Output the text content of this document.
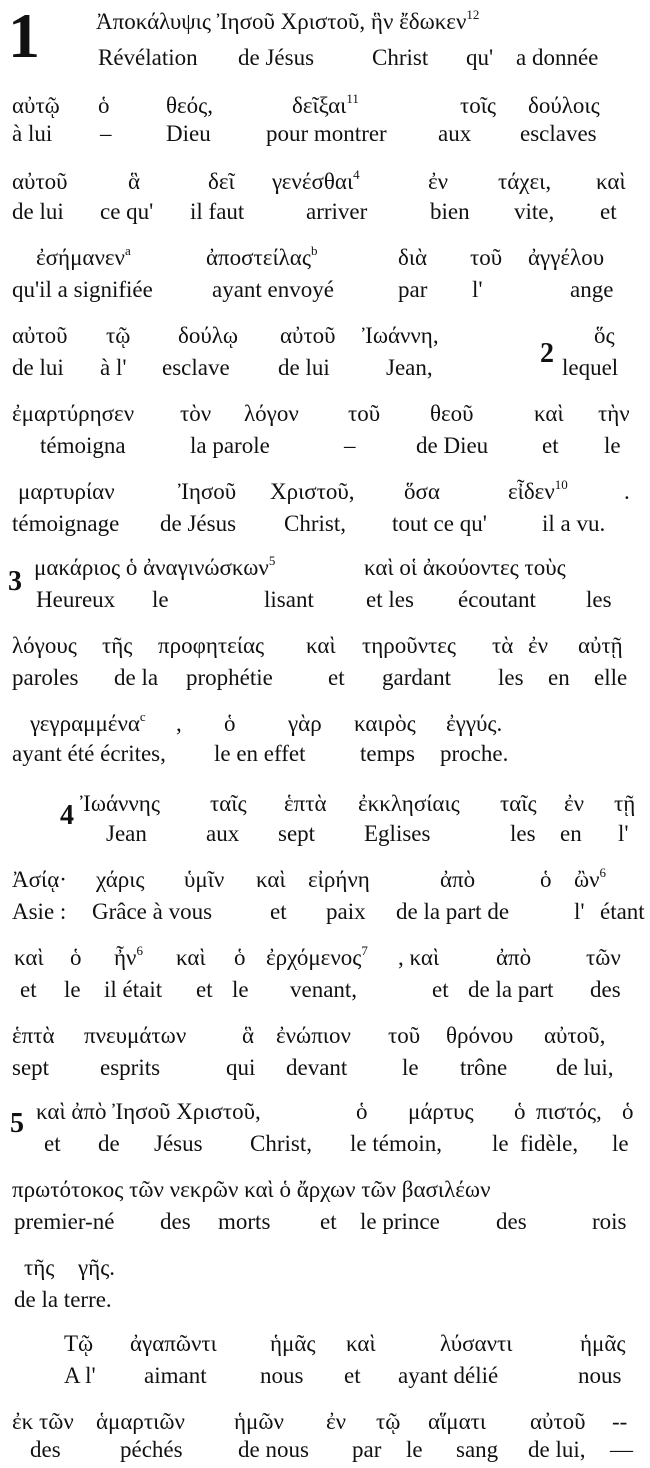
1 Ἀποκάλυψις Ἰησοῦ Χριστοῦ, ἣν ἔδωκεν$^{12}$
Révélation de Jésus	Christ qu' a donnée
αὐτῷ ὁ θεός,	δεῖξαι$^{11}$	τοῖς δούλοις
à lui – Dieu pour montrer aux esclaves
αὐτοῦ	ἃ	δεῖ γενέσθαι$^4$	ἐν τάχει, καὶ
de lui ce qu' il faut	arriver	bien vite, et
ἐσήμανεν$^a$	ἀποστείλας$^b$	διὰ τοῦ ἀγγέλου
qu'il a signifiée	ayant envoyé	par l'	ange
αὐτοῦ τῷ δούλῳ αὐτοῦ Ἰωάννη,	ὅς
de lui à l' esclave de lui Jean,	lequel
ἐμαρτύρησεν τὸν λόγον τοῦ θεοῦ	καὶ τὴν
témoigna	la parole	–	de Dieu et le
μαρτυρίαν	Ἰησοῦ Χριστοῦ, ὅσα	εἶδεν$^{10}$ .
témoignage de Jésus Christ, tout ce qu' il a vu.
μακάριος ὁ ἀναγινώσκων$^5$	καὶ οἱ ἀκούοντες τοὺς
Heureux le	lisant et les écoutant les
λόγους τῆς προφητείας καὶ τηροῦντες τὰ ἐν αὐτῇ
paroles de la prophétie et gardant les en elle
γεγραμμένα$^c$ , ὁ γὰρ καιρὸς ἐγγύς.
ayant été écrites, le en effet temps proche.
Ἰωάννης ταῖς ἑπτὰ ἐκκλησίαις ταῖς ἐν τῇ
Jean	aux sept Eglises	les en l'
Ἀσίᾳ· χάρις ὑμῖν καὶ εἰρήνη	ἀπὸ	ὁ ὢν$^6$
Asie : Grâce à vous	et paix de la part de	l' étant
καὶ ὁ ἦν$^6$ καὶ ὁ ἐρχόμενος$^7$ , καὶ ἀπὸ τῶν
et le il était et le venant,	et de la part des
ἑπτὰ πνευμάτων ἃ ἐνώπιον τοῦ θρόνου αὐτοῦ,
sept esprits	qui devant le trône de lui,
καὶ ἀπὸ Ἰησοῦ Χριστοῦ,	ὁ μάρτυς ὁ πιστός, ὁ
et de Jésus Christ, le témoin, le fidèle, le
πρωτότοκος τῶν νεκρῶν καὶ ὁ ἄρχων τῶν βασιλέων
premier-né des morts et le prince des	rois
τῆς γῆς.
de la terre.
Τῷ ἀγαπῶντι ἡμᾶς καὶ	λύσαντι	ἡμᾶς
A l' aimant nous et ayant délié	nous
ἐκ τῶν ἁμαρτιῶν ἡμῶν ἐν τῷ αἵματι αὐτοῦ --
des	péchés de nous par le sang de lui, —
2
3
4
5
